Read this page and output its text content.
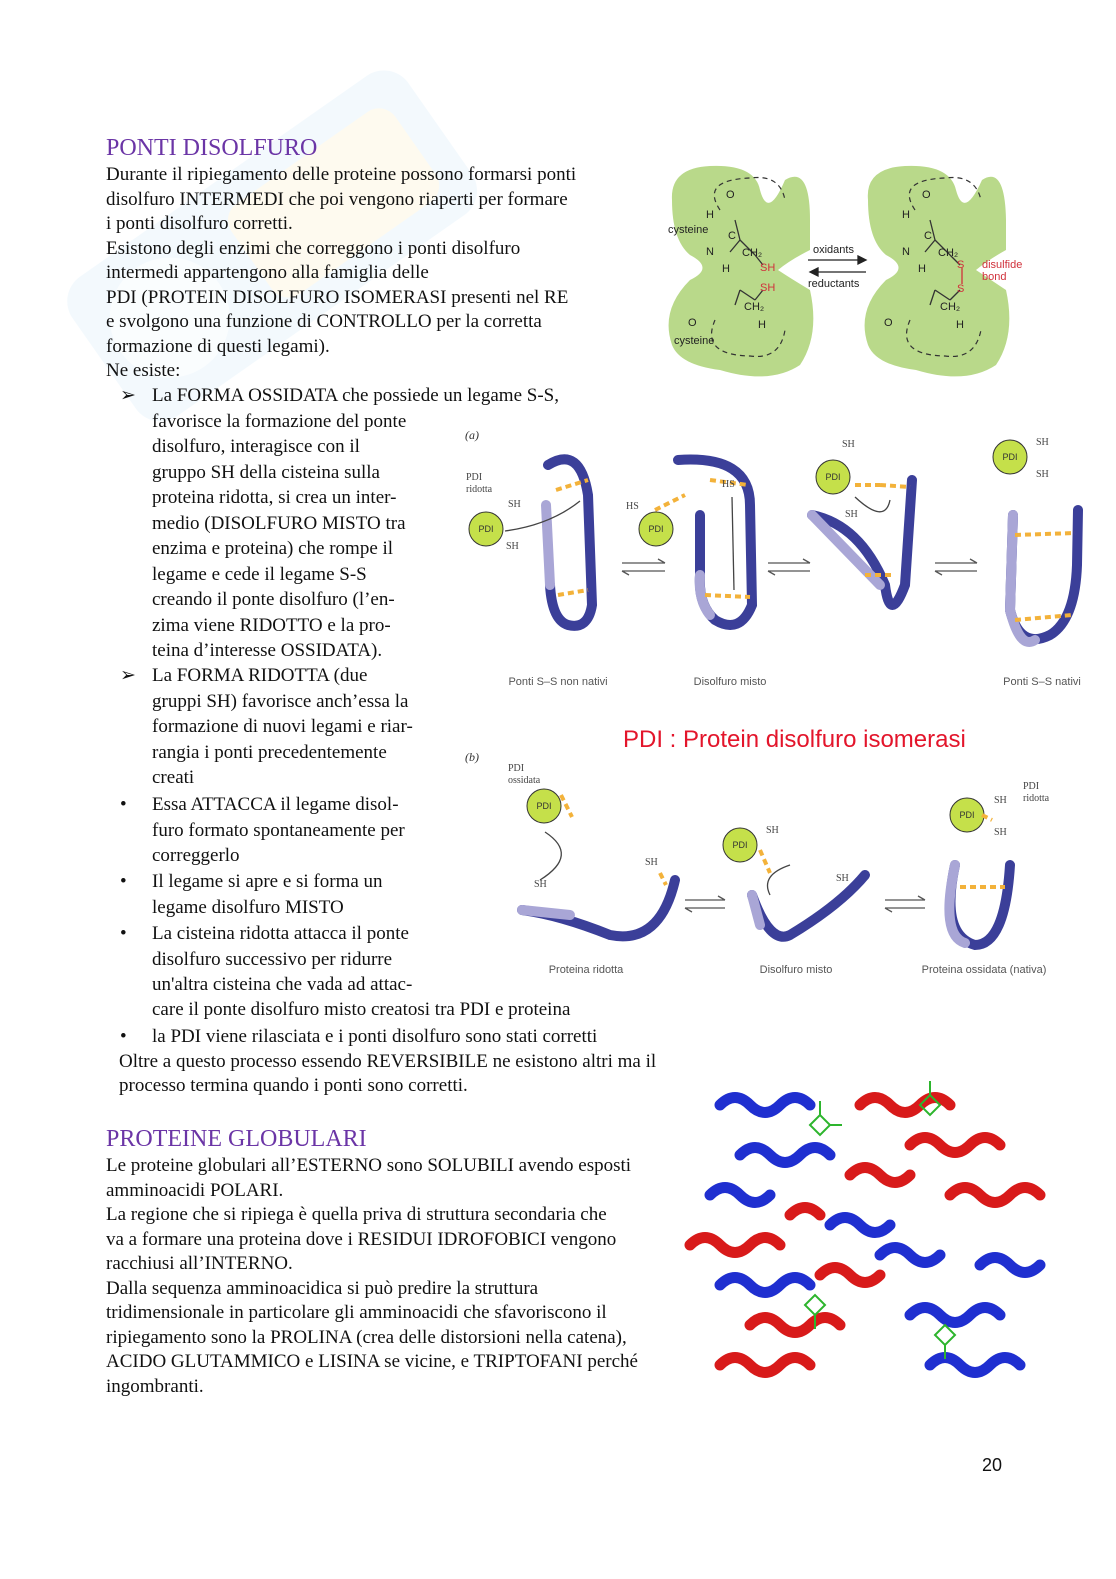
PONTI DISOLFURO
Durante il ripiegamento delle proteine possono formarsi ponti
disolfuro INTERMEDI che poi vengono riaperti per formare
i ponti disolfuro corretti.
Esistono degli enzimi che correggono i ponti disolfuro
intermedi appartengono alla famiglia delle
PDI (PROTEIN DISOLFURO ISOMERASI presenti nel RE
e svolgono una funzione di CONTROLLO per la corretta
formazione di questi legami).
Ne esiste:
➢ La FORMA OSSIDATA che possiede un legame S-S,
favorisce la formazione del ponte
disolfuro, interagisce con il
gruppo SH della cisteina sulla
proteina ridotta, si crea un inter-
medio (DISOLFURO MISTO tra
enzima e proteina) che rompe il
legame e cede il legame S-S
creando il ponte disolfuro (l’en-
zima viene RIDOTTO e la pro-
teina d’interesse OSSIDATA).
➢ La FORMA RIDOTTA (due
gruppi SH) favorisce anch’essa la
formazione di nuovi legami e riar-
rangia i ponti precedentemente
creati
•	Essa ATTACCA il legame disol-
furo formato spontaneamente per
correggerlo
•	Il legame si apre e si forma un
legame disolfuro MISTO
•	La cisteina ridotta attacca il ponte
disolfuro successivo per ridurre
un'altra cisteina che vada ad attac-
care il ponte disolfuro misto creatosi tra PDI e proteina
•	la PDI viene rilasciata e i ponti disolfuro sono stati corretti
Oltre a questo processo essendo REVERSIBILE ne esistono altri ma il
processo termina quando i ponti sono corretti.
cysteine
cysteine
O
H
C
N
H
CH₂
O
CH₂
H
O
H
C
N
H
CH₂
O
CH₂
H
oxidants
reductants
SH
SH
S
S
disulfide
bond
(a)
(b)
PDI	PDI
PDI
PDI
PDI
PDI
PDI
PDI
ridotta
SH
SH
HS
HS
SH
SH
SH
SH
PDI
ossidata
PDI
ridotta
SH
SH
SH
SH
SH
SH
PDI : Protein disolfuro isomerasi
Ponti S–S non nativi	Disolfuro misto	Ponti S–S nativi
Proteina ridotta	Disolfuro misto	Proteina ossidata (nativa)
PROTEINE GLOBULARI
Le proteine globulari all’ESTERNO sono SOLUBILI avendo esposti
amminoacidi POLARI.
La regione che si ripiega è quella priva di struttura secondaria che
va a formare una proteina dove i RESIDUI IDROFOBICI vengono
racchiusi all’INTERNO.
Dalla sequenza amminoacidica si può predire la struttura
tridimensionale in particolare gli amminoacidi che sfavoriscono il
ripiegamento sono la PROLINA (crea delle distorsioni nella catena),
ACIDO GLUTAMMICO e LISINA se vicine, e TRIPTOFANI perché
ingombranti.
20
